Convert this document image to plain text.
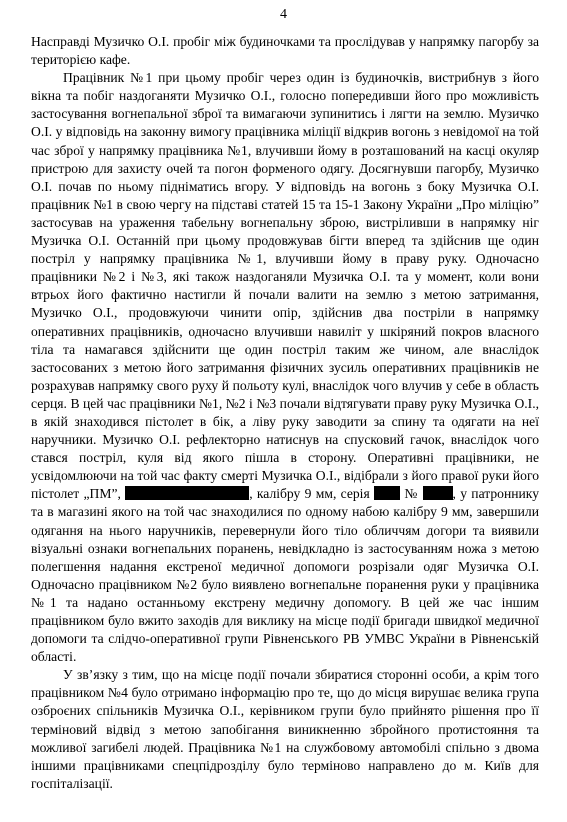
4

Насправді Музичко О.І. пробіг між будиночками та прослідував у напрямку пагорбу за територією кафе.

Працівник №1 при цьому пробіг через один із будиночків, вистрибнув з його вікна та побіг наздоганяти Музичко О.І., голосно попередивши його про можливість застосування вогнепальної зброї та вимагаючи зупинитись і лягти на землю. Музичко О.І. у відповідь на законну вимогу працівника міліції відкрив вогонь з невідомої на той час зброї у напрямку працівника №1, влучивши йому в розташований на касці окуляр пристрою для захисту очей та погон форменого одягу. Досягнувши пагорбу, Музичко О.І. почав по ньому підніматись вгору. У відповідь на вогонь з боку Музичка О.І. працівник №1 в свою чергу на підставі статей 15 та 15-1 Закону України „Про міліцію” застосував на ураження табельну вогнепальну зброю, вистріливши в напрямку ніг Музичка О.І. Останній при цьому продовжував бігти вперед та здійснив ще один постріл у напрямку працівника №1, влучивши йому в праву руку. Одночасно працівники №2 і №3, які також наздоганяли Музичка О.І. та у момент, коли вони втрьох його фактично настигли й почали валити на землю з метою затримання, Музичко О.І., продовжуючи чинити опір, здійснив два постріли в напрямку оперативних працівників, одночасно влучивши навиліт у шкіряний покров власного тіла та намагався здійснити ще один постріл таким же чином, але внаслідок застосованих з метою його затримання фізичних зусиль оперативних працівників не розрахував напрямку свого руху й польоту кулі, внаслідок чого влучив у себе в область серця. В цей час працівники №1, №2 і №3 почали відтягувати праву руку Музичка О.І., в якій знаходився пістолет в бік, а ліву руку заводити за спину та одягати на неї наручники. Музичко О.І. рефлекторно натиснув на спусковий гачок, внаслідок чого стався постріл, куля від якого пішла в сторону. Оперативні працівники, не усвідомлюючи на той час факту смерті Музичка О.І., відібрали з його правої руки його пістолет „ПМ”,	, калібру 9 мм, серія  № , у патроннику та в магазині якого на той час знаходилися по одному набою калібру 9 мм, завершили одягання на нього наручників, перевернули його тіло обличчям догори та виявили візуальні ознаки вогнепальних поранень, невідкладно із застосуванням ножа з метою полегшення надання екстреної медичної допомоги розрізали одяг Музичка О.І. Одночасно працівником №2 було виявлено вогнепальне поранення руки у працівника №1 та надано останньому екстрену медичну допомогу. В цей же час іншим працівником було вжито заходів для виклику на місце події бригади швидкої медичної допомоги та слідчо-оперативної групи Рівненського РВ УМВС України в Рівненській області.

У зв’язку з тим, що на місце події почали збиратися сторонні особи, а крім того працівником №4 було отримано інформацію про те, що до місця вирушає велика група озброєних спільників Музичка О.І., керівником групи було прийнято рішення про її терміновий відвід з метою запобігання виникненню збройного протистояння та можливої загибелі людей. Працівника №1 на службовому автомобілі спільно з двома іншими працівниками спецпідрозділу було терміново направлено до м. Київ для госпіталізації.
